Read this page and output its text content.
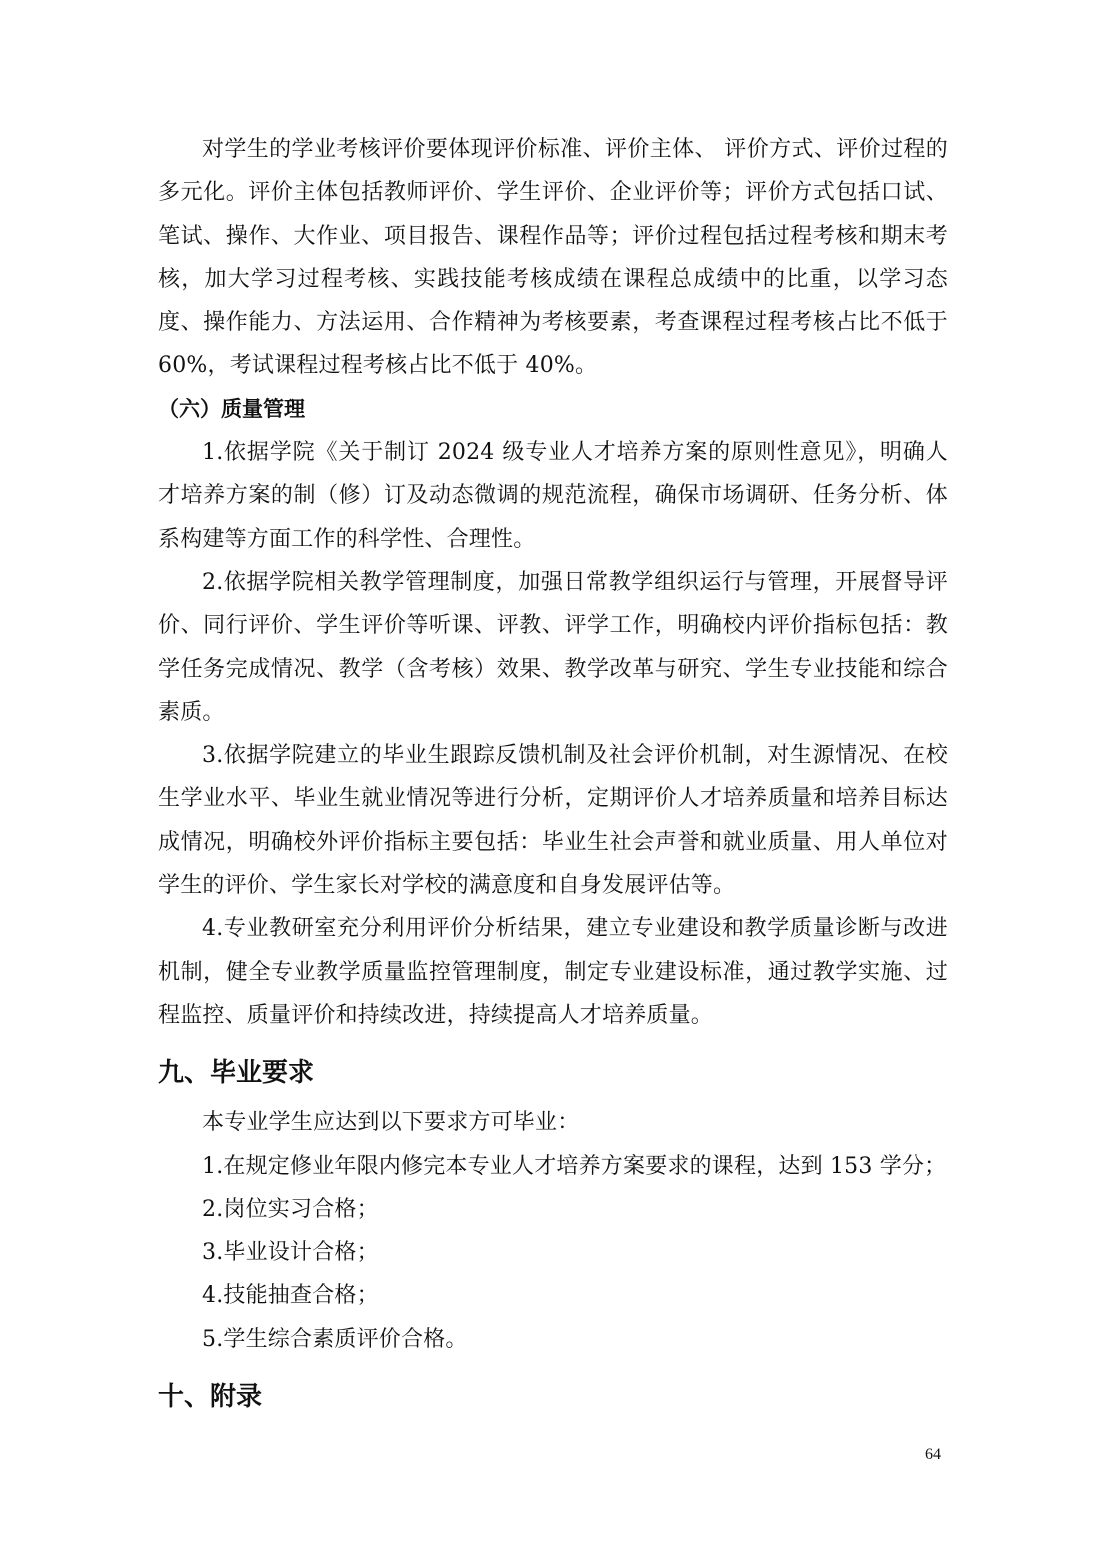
对学生的学业考核评价要体现评价标准、评价主体、 评价方式、评价过程的多元化。评价主体包括教师评价、学生评价、企业评价等；评价方式包括口试、笔试、操作、大作业、项目报告、课程作品等；评价过程包括过程考核和期末考核，加大学习过程考核、实践技能考核成绩在课程总成绩中的比重，以学习态度、操作能力、方法运用、合作精神为考核要素，考查课程过程考核占比不低于 60%，考试课程过程考核占比不低于 40%。

（六）质量管理

1.依据学院《关于制订 2024 级专业人才培养方案的原则性意见》，明确人才培养方案的制（修）订及动态微调的规范流程，确保市场调研、任务分析、体系构建等方面工作的科学性、合理性。

2.依据学院相关教学管理制度，加强日常教学组织运行与管理，开展督导评价、同行评价、学生评价等听课、评教、评学工作，明确校内评价指标包括：教学任务完成情况、教学（含考核）效果、教学改革与研究、学生专业技能和综合素质。

3.依据学院建立的毕业生跟踪反馈机制及社会评价机制，对生源情况、在校生学业水平、毕业生就业情况等进行分析，定期评价人才培养质量和培养目标达成情况，明确校外评价指标主要包括：毕业生社会声誉和就业质量、用人单位对学生的评价、学生家长对学校的满意度和自身发展评估等。

4.专业教研室充分利用评价分析结果，建立专业建设和教学质量诊断与改进机制，健全专业教学质量监控管理制度，制定专业建设标准，通过教学实施、过程监控、质量评价和持续改进，持续提高人才培养质量。

九、毕业要求

本专业学生应达到以下要求方可毕业：

1.在规定修业年限内修完本专业人才培养方案要求的课程，达到 153 学分；

2.岗位实习合格；

3.毕业设计合格；

4.技能抽查合格；

5.学生综合素质评价合格。

十、附录

64
